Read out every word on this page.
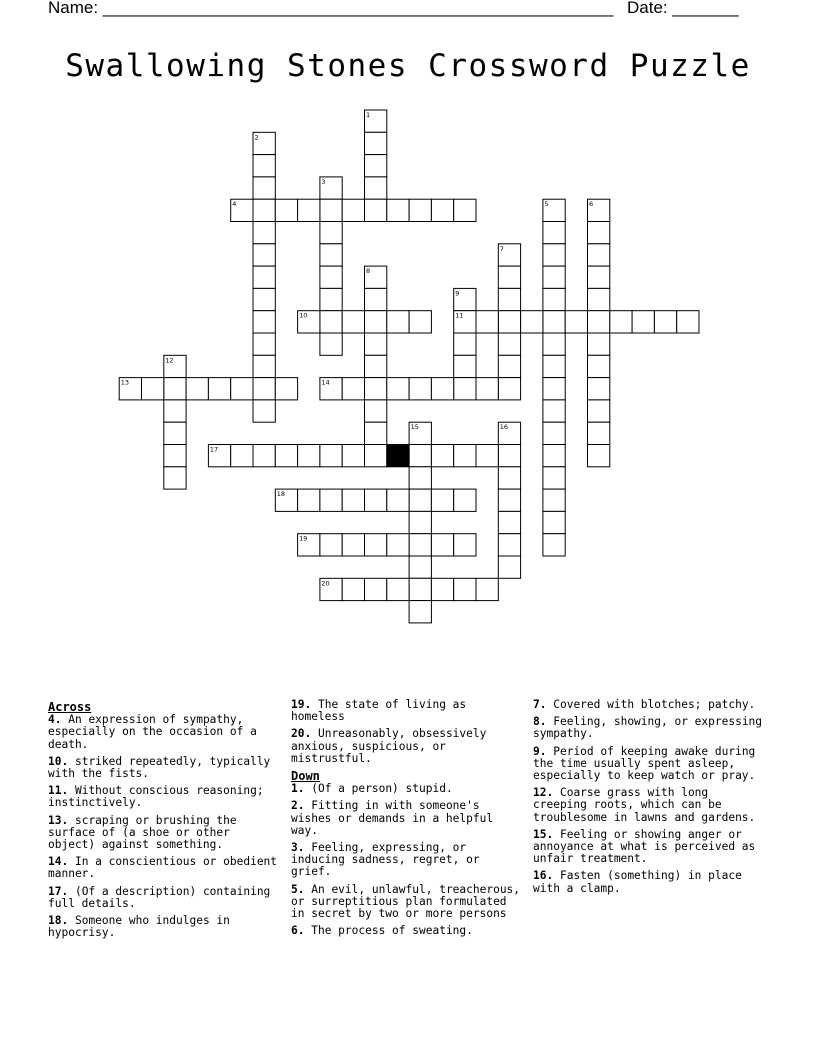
Name: ______________________________________________________ Date: _______
Swallowing Stones Crossword Puzzle
1
2
3
4	5	6
7
8
9
10	11
12
13	14
15	16
17
18
19
20
Across
4. An expression of sympathy, especially on the occasion of a death.
10. striked repeatedly, typically with the fists.
11. Without conscious reasoning; instinctively.
13. scraping or brushing the surface of (a shoe or other object) against something.
14. In a conscientious or obedient manner.
17. (Of a description) containing full details.
18. Someone who indulges in hypocrisy.
19. The state of living as homeless
20. Unreasonably, obsessively anxious, suspicious, or mistrustful.
Down
1. (Of a person) stupid.
2. Fitting in with someone's wishes or demands in a helpful way.
3. Feeling, expressing, or inducing sadness, regret, or grief.
5. An evil, unlawful, treacherous, or surreptitious plan formulated in secret by two or more persons
6. The process of sweating.
7. Covered with blotches; patchy.
8. Feeling, showing, or expressing sympathy.
9. Period of keeping awake during the time usually spent asleep, especially to keep watch or pray.
12. Coarse grass with long creeping roots, which can be troublesome in lawns and gardens.
15. Feeling or showing anger or annoyance at what is perceived as unfair treatment.
16. Fasten (something) in place with a clamp.
